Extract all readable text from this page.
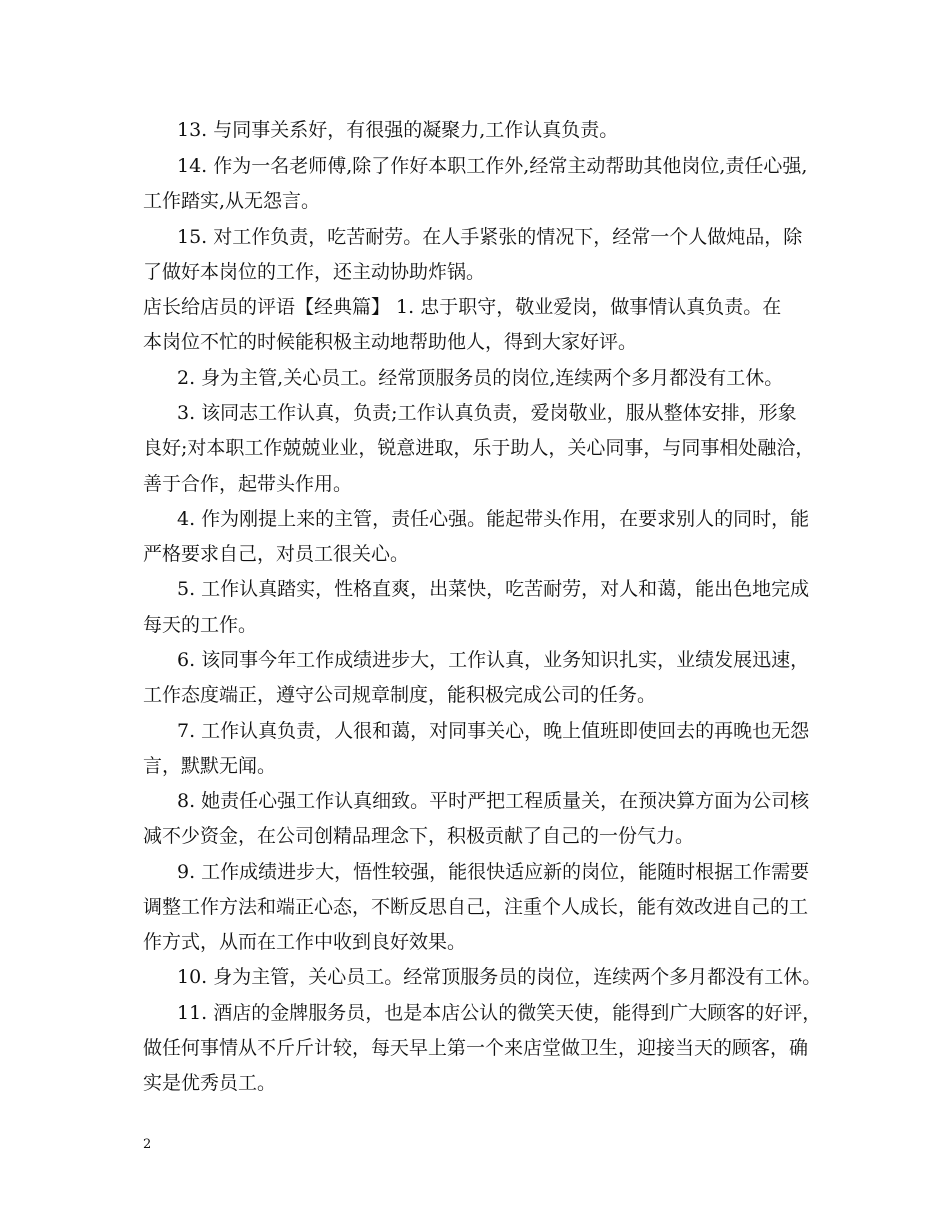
13. 与同事关系好，有很强的凝聚力,工作认真负责。
14. 作为一名老师傅,除了作好本职工作外,经常主动帮助其他岗位,责任心强,
工作踏实,从无怨言。
15. 对工作负责，吃苦耐劳。在人手紧张的情况下，经常一个人做炖品，除
了做好本岗位的工作，还主动协助炸锅。
店长给店员的评语【经典篇】 1. 忠于职守，敬业爱岗，做事情认真负责。在
本岗位不忙的时候能积极主动地帮助他人，得到大家好评。
2. 身为主管,关心员工。经常顶服务员的岗位,连续两个多月都没有工休。
3. 该同志工作认真，负责;工作认真负责，爱岗敬业，服从整体安排，形象
良好;对本职工作兢兢业业，锐意进取，乐于助人，关心同事，与同事相处融洽，
善于合作，起带头作用。
4. 作为刚提上来的主管，责任心强。能起带头作用，在要求别人的同时，能
严格要求自己，对员工很关心。
5. 工作认真踏实，性格直爽，出菜快，吃苦耐劳，对人和蔼，能出色地完成
每天的工作。
6. 该同事今年工作成绩进步大，工作认真，业务知识扎实，业绩发展迅速，
工作态度端正，遵守公司规章制度，能积极完成公司的任务。
7. 工作认真负责，人很和蔼，对同事关心，晚上值班即使回去的再晚也无怨
言，默默无闻。
8. 她责任心强工作认真细致。平时严把工程质量关，在预决算方面为公司核
减不少资金，在公司创精品理念下，积极贡献了自己的一份气力。
9. 工作成绩进步大，悟性较强，能很快适应新的岗位，能随时根据工作需要
调整工作方法和端正心态，不断反思自己，注重个人成长，能有效改进自己的工
作方式，从而在工作中收到良好效果。
10. 身为主管，关心员工。经常顶服务员的岗位，连续两个多月都没有工休。
11. 酒店的金牌服务员，也是本店公认的微笑天使，能得到广大顾客的好评，
做任何事情从不斤斤计较，每天早上第一个来店堂做卫生，迎接当天的顾客，确
实是优秀员工。
2
